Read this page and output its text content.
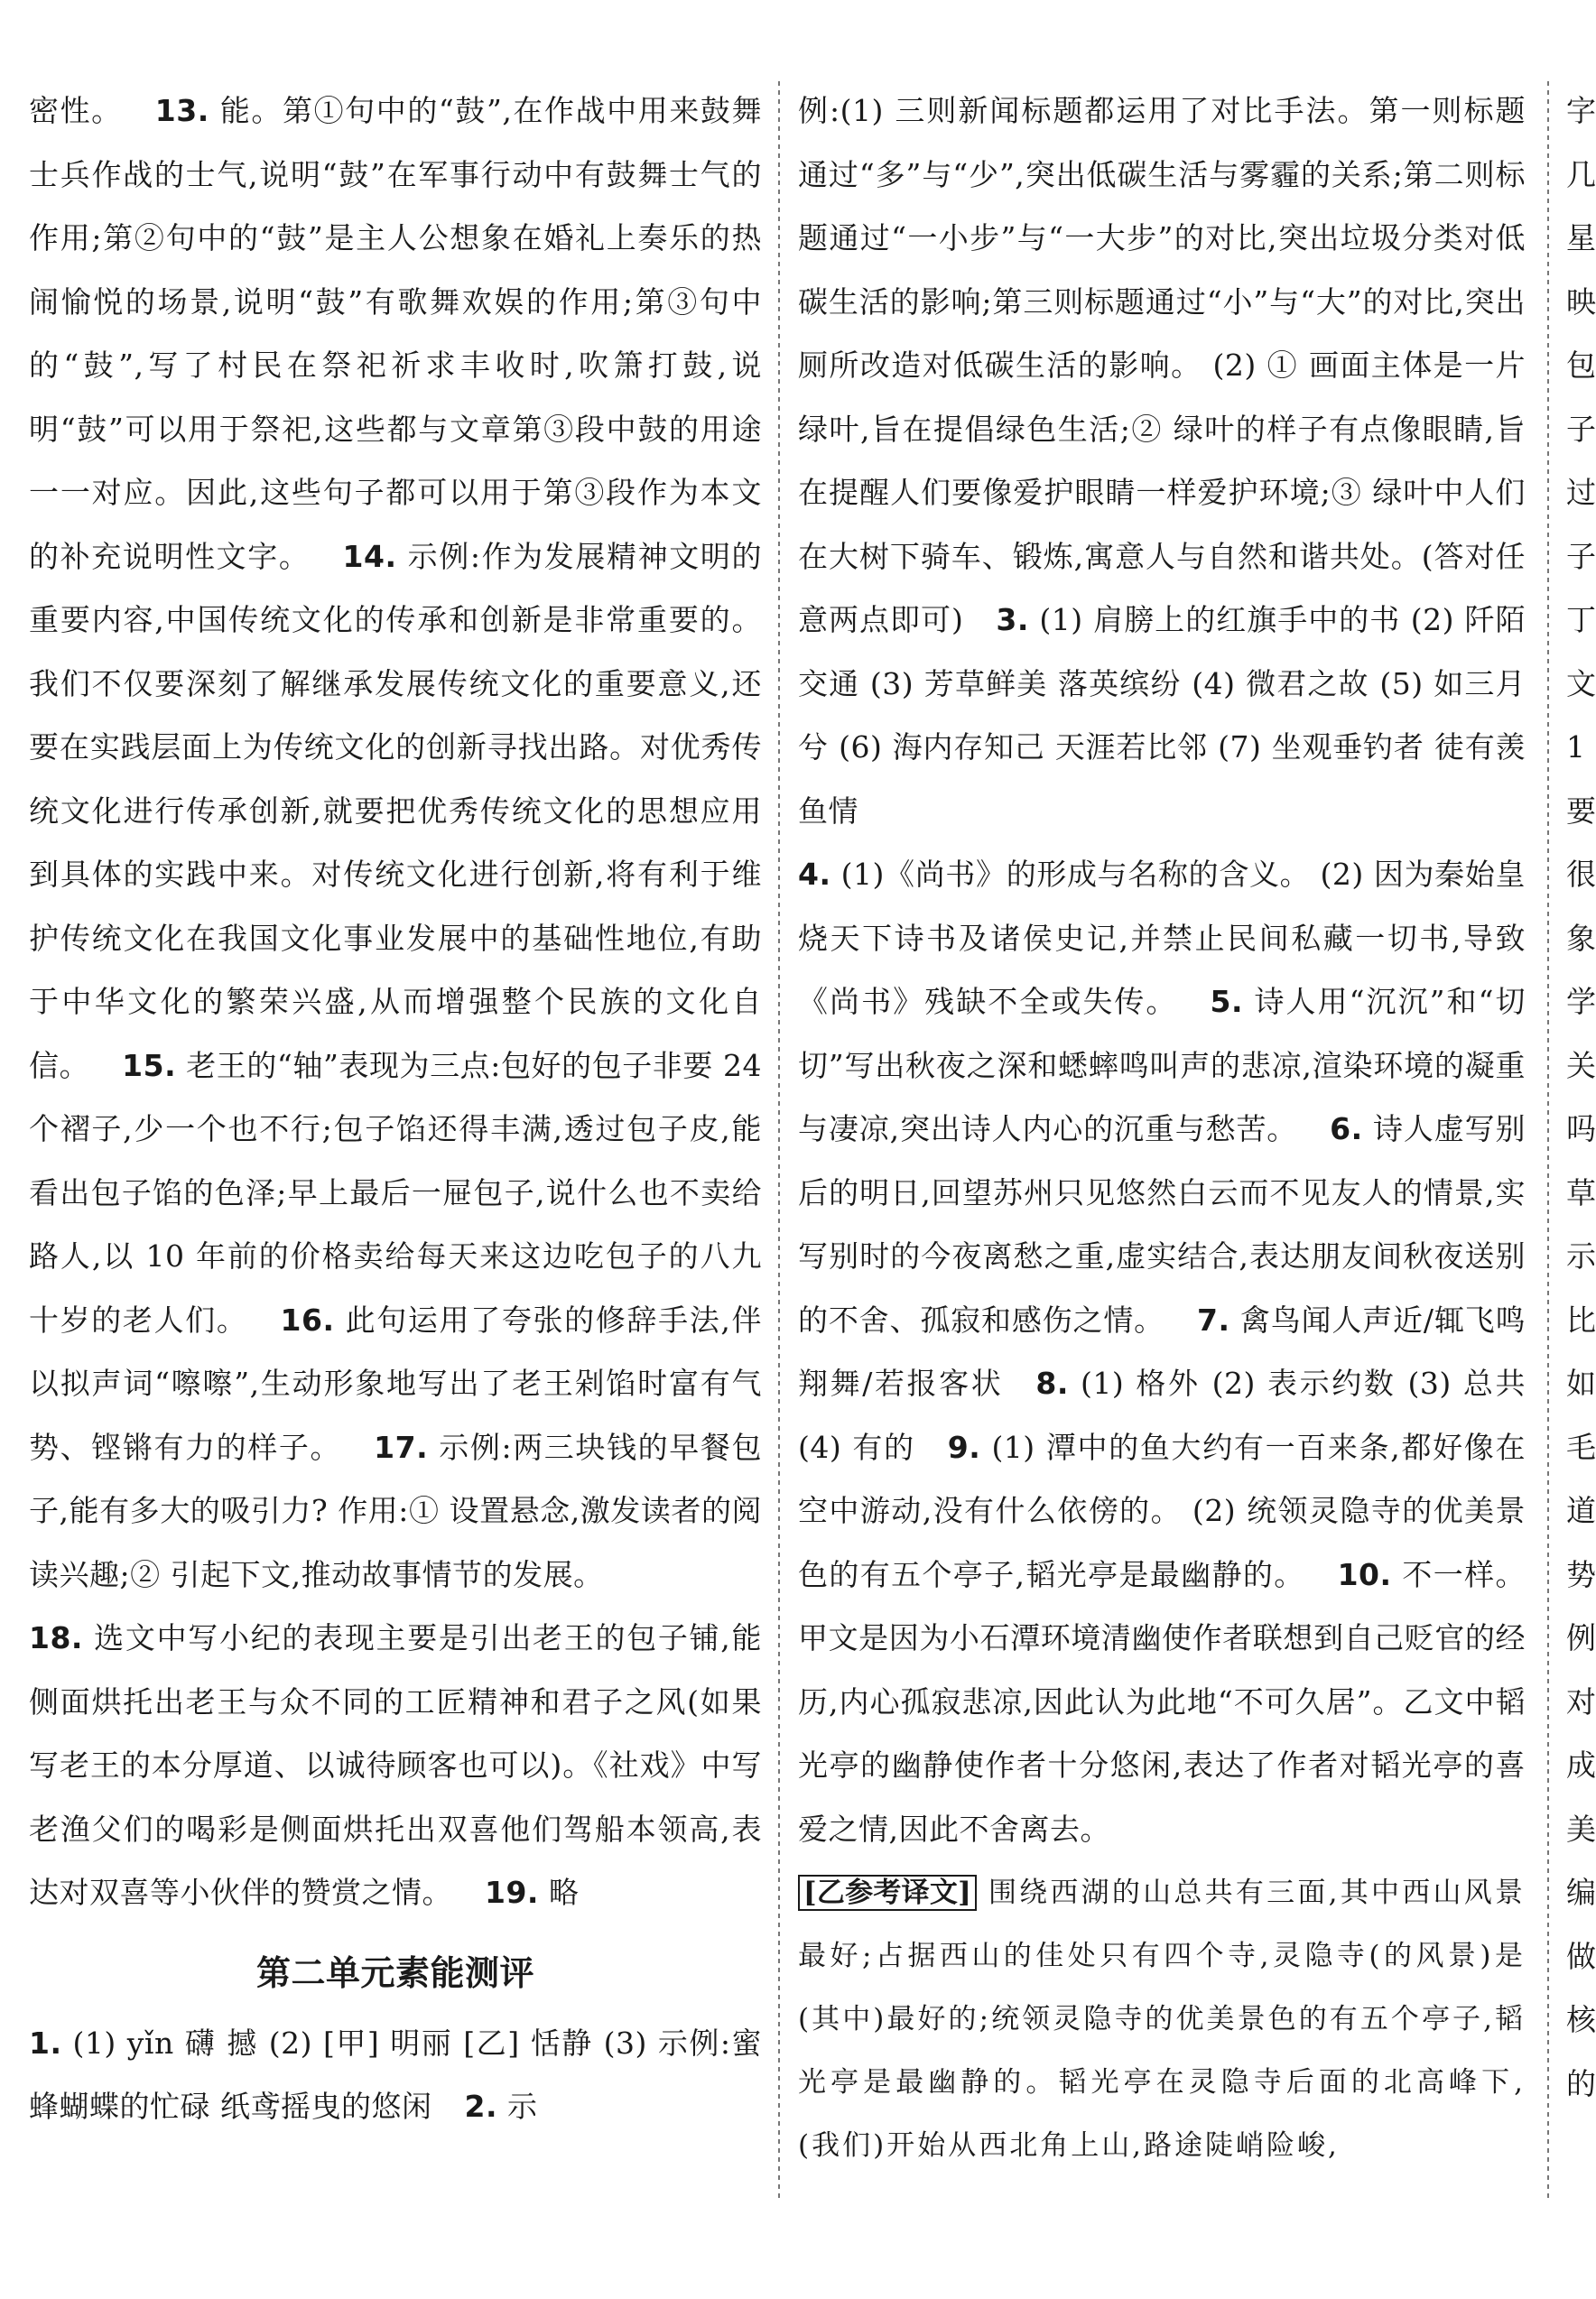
密性。 13. 能。第①句中的“鼓”,在作战中用来鼓舞士兵作战的士气,说明“鼓”在军事行动中有鼓舞士气的作用;第②句中的“鼓”是主人公想象在婚礼上奏乐的热闹愉悦的场景,说明“鼓”有歌舞欢娱的作用;第③句中的“鼓”,写了村民在祭祀祈求丰收时,吹箫打鼓,说明“鼓”可以用于祭祀,这些都与文章第③段中鼓的用途一一对应。因此,这些句子都可以用于第③段作为本文的补充说明性文字。 14. 示例:作为发展精神文明的重要内容,中国传统文化的传承和创新是非常重要的。我们不仅要深刻了解继承发展传统文化的重要意义,还要在实践层面上为传统文化的创新寻找出路。对优秀传统文化进行传承创新,就要把优秀传统文化的思想应用到具体的实践中来。对传统文化进行创新,将有利于维护传统文化在我国文化事业发展中的基础性地位,有助于中华文化的繁荣兴盛,从而增强整个民族的文化自信。 15. 老王的“轴”表现为三点:包好的包子非要 24 个褶子,少一个也不行;包子馅还得丰满,透过包子皮,能看出包子馅的色泽;早上最后一屉包子,说什么也不卖给路人,以 10 年前的价格卖给每天来这边吃包子的八九十岁的老人们。 16. 此句运用了夸张的修辞手法,伴以拟声词“嚓嚓”,生动形象地写出了老王剁馅时富有气势、铿锵有力的样子。 17. 示例:两三块钱的早餐包子,能有多大的吸引力? 作用:① 设置悬念,激发读者的阅读兴趣;② 引起下文,推动故事情节的发展。
18. 选文中写小纪的表现主要是引出老王的包子铺,能侧面烘托出老王与众不同的工匠精神和君子之风(如果写老王的本分厚道、以诚待顾客也可以)。《社戏》中写老渔父们的喝彩是侧面烘托出双喜他们驾船本领高,表达对双喜等小伙伴的赞赏之情。 19. 略

第二单元素能测评

1. (1) yǐn 礴 撼 (2) [甲] 明丽 [乙] 恬静 (3) 示例:蜜蜂蝴蝶的忙碌 纸鸢摇曳的悠闲 2. 示

例:(1) 三则新闻标题都运用了对比手法。第一则标题通过“多”与“少”,突出低碳生活与雾霾的关系;第二则标题通过“一小步”与“一大步”的对比,突出垃圾分类对低碳生活的影响;第三则标题通过“小”与“大”的对比,突出厕所改造对低碳生活的影响。 (2) ① 画面主体是一片绿叶,旨在提倡绿色生活;② 绿叶的样子有点像眼睛,旨在提醒人们要像爱护眼睛一样爱护环境;③ 绿叶中人们在大树下骑车、锻炼,寓意人与自然和谐共处。(答对任意两点即可) 3. (1) 肩膀上的红旗手中的书 (2) 阡陌交通 (3) 芳草鲜美 落英缤纷 (4) 微君之故 (5) 如三月兮 (6) 海内存知己 天涯若比邻 (7) 坐观垂钓者 徒有羡鱼情
4. (1)《尚书》的形成与名称的含义。 (2) 因为秦始皇烧天下诗书及诸侯史记,并禁止民间私藏一切书,导致《尚书》残缺不全或失传。 5. 诗人用“沉沉”和“切切”写出秋夜之深和蟋蟀鸣叫声的悲凉,渲染环境的凝重与凄凉,突出诗人内心的沉重与愁苦。 6. 诗人虚写别后的明日,回望苏州只见悠然白云而不见友人的情景,实写别时的今夜离愁之重,虚实结合,表达朋友间秋夜送别的不舍、孤寂和感伤之情。 7. 禽鸟闻人声近/辄飞鸣翔舞/若报客状 8. (1) 格外 (2) 表示约数 (3) 总共 (4) 有的 9. (1) 潭中的鱼大约有一百来条,都好像在空中游动,没有什么依傍的。 (2) 统领灵隐寺的优美景色的有五个亭子,韬光亭是最幽静的。 10. 不一样。甲文是因为小石潭环境清幽使作者联想到自己贬官的经历,内心孤寂悲凉,因此认为此地“不可久居”。乙文中韬光亭的幽静使作者十分悠闲,表达了作者对韬光亭的喜爱之情,因此不舍离去。

[乙参考译文] 围绕西湖的山总共有三面,其中西山风景最好;占据西山的佳处只有四个寺,灵隐寺(的风景)是(其中)最好的;统领灵隐寺的优美景色的有五个亭子,韬光亭是最幽静的。韬光亭在灵隐寺后面的北高峰下,(我们)开始从西北角上山,路途陡峭险峻,

字
几
星
映
包
子
过
子
丁
文
1
要
很
象
学
关
吗
草
示
比
如
毛
道
势
例
对
成
美
编
做
核
的
